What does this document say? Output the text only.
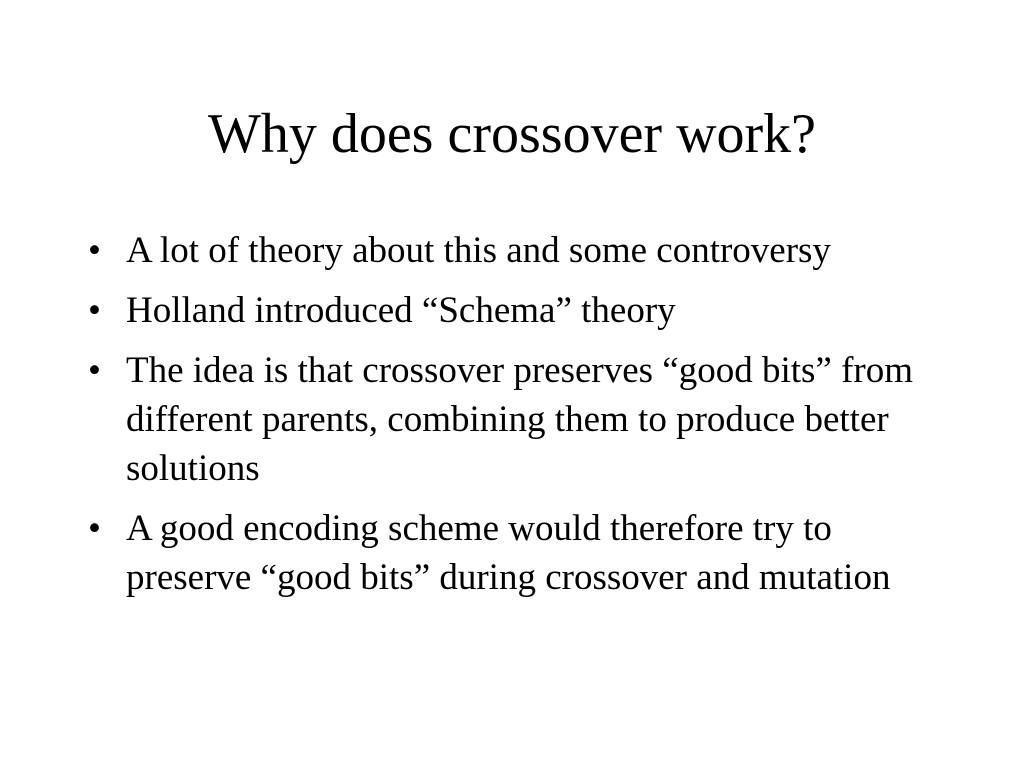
Why does crossover work?
• A lot of theory about this and some controversy
• Holland introduced “Schema” theory
• The idea is that crossover preserves “good bits” from different parents, combining them to produce better solutions
• A good encoding scheme would therefore try to preserve “good bits” during crossover and mutation
